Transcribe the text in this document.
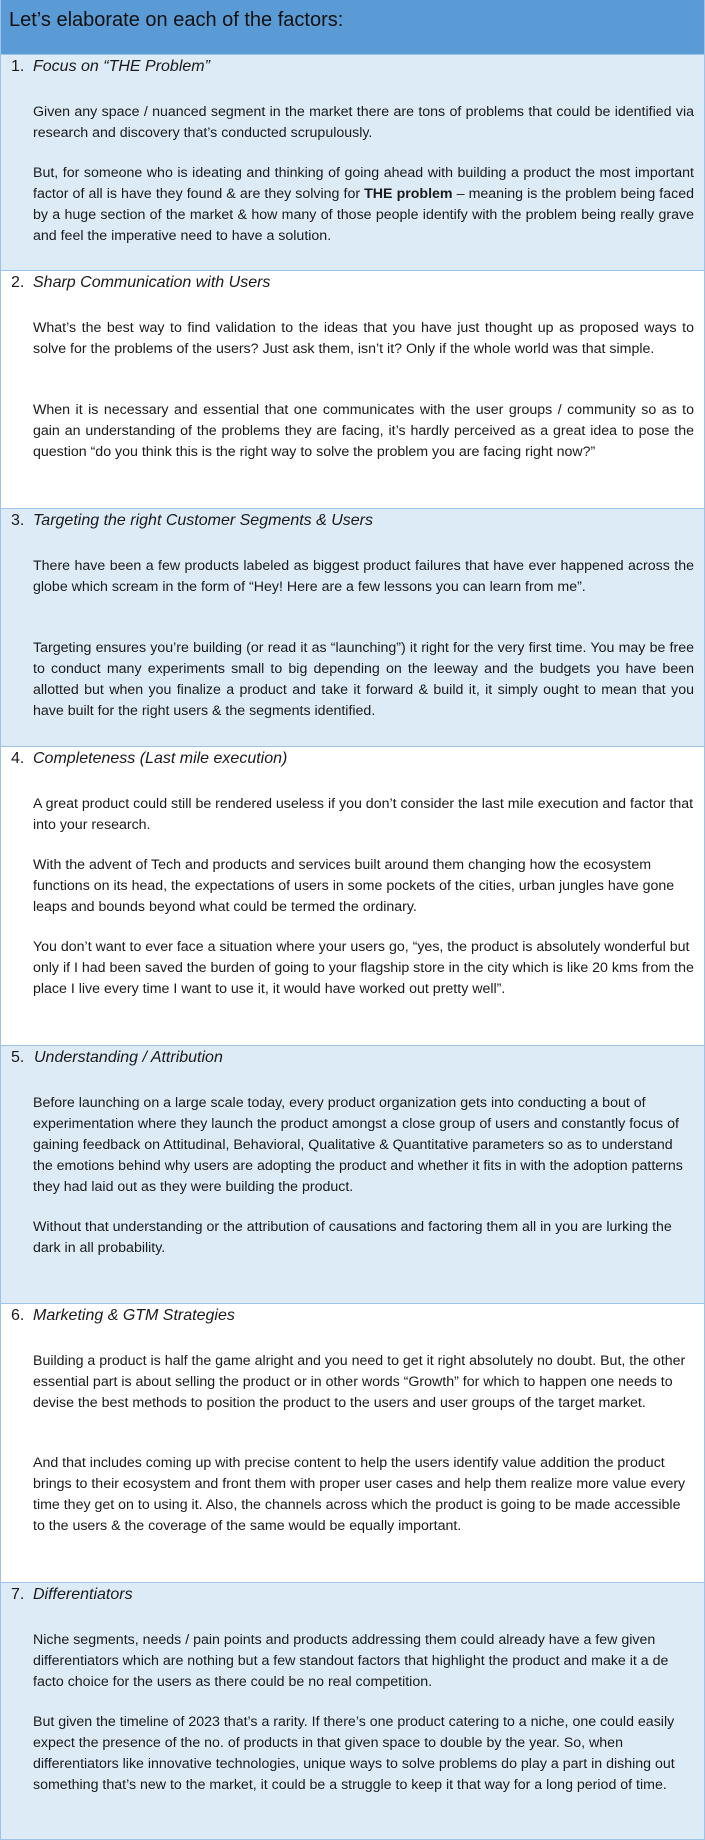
Let’s elaborate on each of the factors:
1. Focus on “THE Problem”

Given any space / nuanced segment in the market there are tons of problems that could be identified via research and discovery that’s conducted scrupulously.

But, for someone who is ideating and thinking of going ahead with building a product the most important factor of all is have they found & are they solving for THE problem – meaning is the problem being faced by a huge section of the market & how many of those people identify with the problem being really grave and feel the imperative need to have a solution.

2. Sharp Communication with Users

What’s the best way to find validation to the ideas that you have just thought up as proposed ways to solve for the problems of the users? Just ask them, isn’t it? Only if the whole world was that simple.

When it is necessary and essential that one communicates with the user groups / community so as to gain an understanding of the problems they are facing, it’s hardly perceived as a great idea to pose the question “do you think this is the right way to solve the problem you are facing right now?”

3. Targeting the right Customer Segments & Users

There have been a few products labeled as biggest product failures that have ever happened across the globe which scream in the form of “Hey! Here are a few lessons you can learn from me”.

Targeting ensures you’re building (or read it as “launching”) it right for the very first time. You may be free to conduct many experiments small to big depending on the leeway and the budgets you have been allotted but when you finalize a product and take it forward & build it, it simply ought to mean that you have built for the right users & the segments identified.

4. Completeness (Last mile execution)

A great product could still be rendered useless if you don’t consider the last mile execution and factor that into your research.

With the advent of Tech and products and services built around them changing how the ecosystem functions on its head, the expectations of users in some pockets of the cities, urban jungles have gone leaps and bounds beyond what could be termed the ordinary.

You don’t want to ever face a situation where your users go, “yes, the product is absolutely wonderful but only if I had been saved the burden of going to your flagship store in the city which is like 20 kms from the place I live every time I want to use it, it would have worked out pretty well”.

5. Understanding / Attribution

Before launching on a large scale today, every product organization gets into conducting a bout of experimentation where they launch the product amongst a close group of users and constantly focus of gaining feedback on Attitudinal, Behavioral, Qualitative & Quantitative parameters so as to understand the emotions behind why users are adopting the product and whether it fits in with the adoption patterns they had laid out as they were building the product.

Without that understanding or the attribution of causations and factoring them all in you are lurking the dark in all probability.

6. Marketing & GTM Strategies

Building a product is half the game alright and you need to get it right absolutely no doubt. But, the other essential part is about selling the product or in other words “Growth” for which to happen one needs to devise the best methods to position the product to the users and user groups of the target market.

And that includes coming up with precise content to help the users identify value addition the product brings to their ecosystem and front them with proper user cases and help them realize more value every time they get on to using it. Also, the channels across which the product is going to be made accessible to the users & the coverage of the same would be equally important.

7. Differentiators

Niche segments, needs / pain points and products addressing them could already have a few given differentiators which are nothing but a few standout factors that highlight the product and make it a de facto choice for the users as there could be no real competition.

But given the timeline of 2023 that’s a rarity. If there’s one product catering to a niche, one could easily expect the presence of the no. of products in that given space to double by the year. So, when differentiators like innovative technologies, unique ways to solve problems do play a part in dishing out something that’s new to the market, it could be a struggle to keep it that way for a long period of time.
